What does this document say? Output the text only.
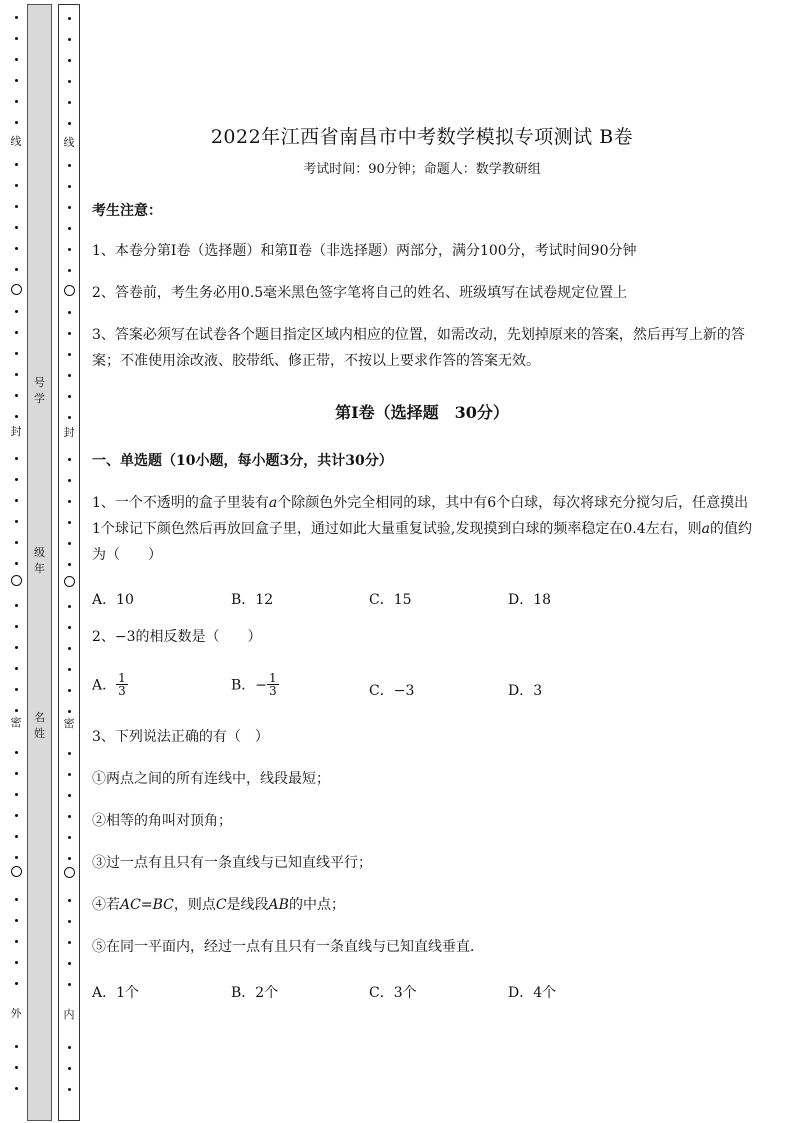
线
封
密
外
号学
级年
名姓
线
封
密
内
2022年江西省南昌市中考数学模拟专项测试 B卷
考试时间：90分钟；命题人：数学教研组
考生注意：
1、本卷分第I卷（选择题）和第Ⅱ卷（非选择题）两部分，满分100分，考试时间90分钟
2、答卷前，考生务必用0.5毫米黑色签字笔将自己的姓名、班级填写在试卷规定位置上
3、答案必须写在试卷各个题目指定区域内相应的位置，如需改动，先划掉原来的答案，然后再写上新的答案；不准使用涂改液、胶带纸、修正带，不按以上要求作答的答案无效。
第I卷（选择题　30分）
一、单选题（10小题，每小题3分，共计30分）
1、一个不透明的盒子里装有a个除颜色外完全相同的球，其中有6个白球，每次将球充分搅匀后，任意摸出1个球记下颜色然后再放回盒子里，通过如此大量重复试验,发现摸到白球的频率稳定在0.4左右，则a的值约为（　　）
A．10	B．12	C．15	D．18
2、−3的相反数是（　　）
A． $\frac{1}{3}$	B．− $\frac{1}{3}$	C．−3	D．3
3、下列说法正确的有（　）
①两点之间的所有连线中，线段最短；
②相等的角叫对顶角；
③过一点有且只有一条直线与已知直线平行；
④若AC=BC，则点C是线段AB的中点；
⑤在同一平面内，经过一点有且只有一条直线与已知直线垂直．
A．1个	B．2个	C．3个	D．4个
